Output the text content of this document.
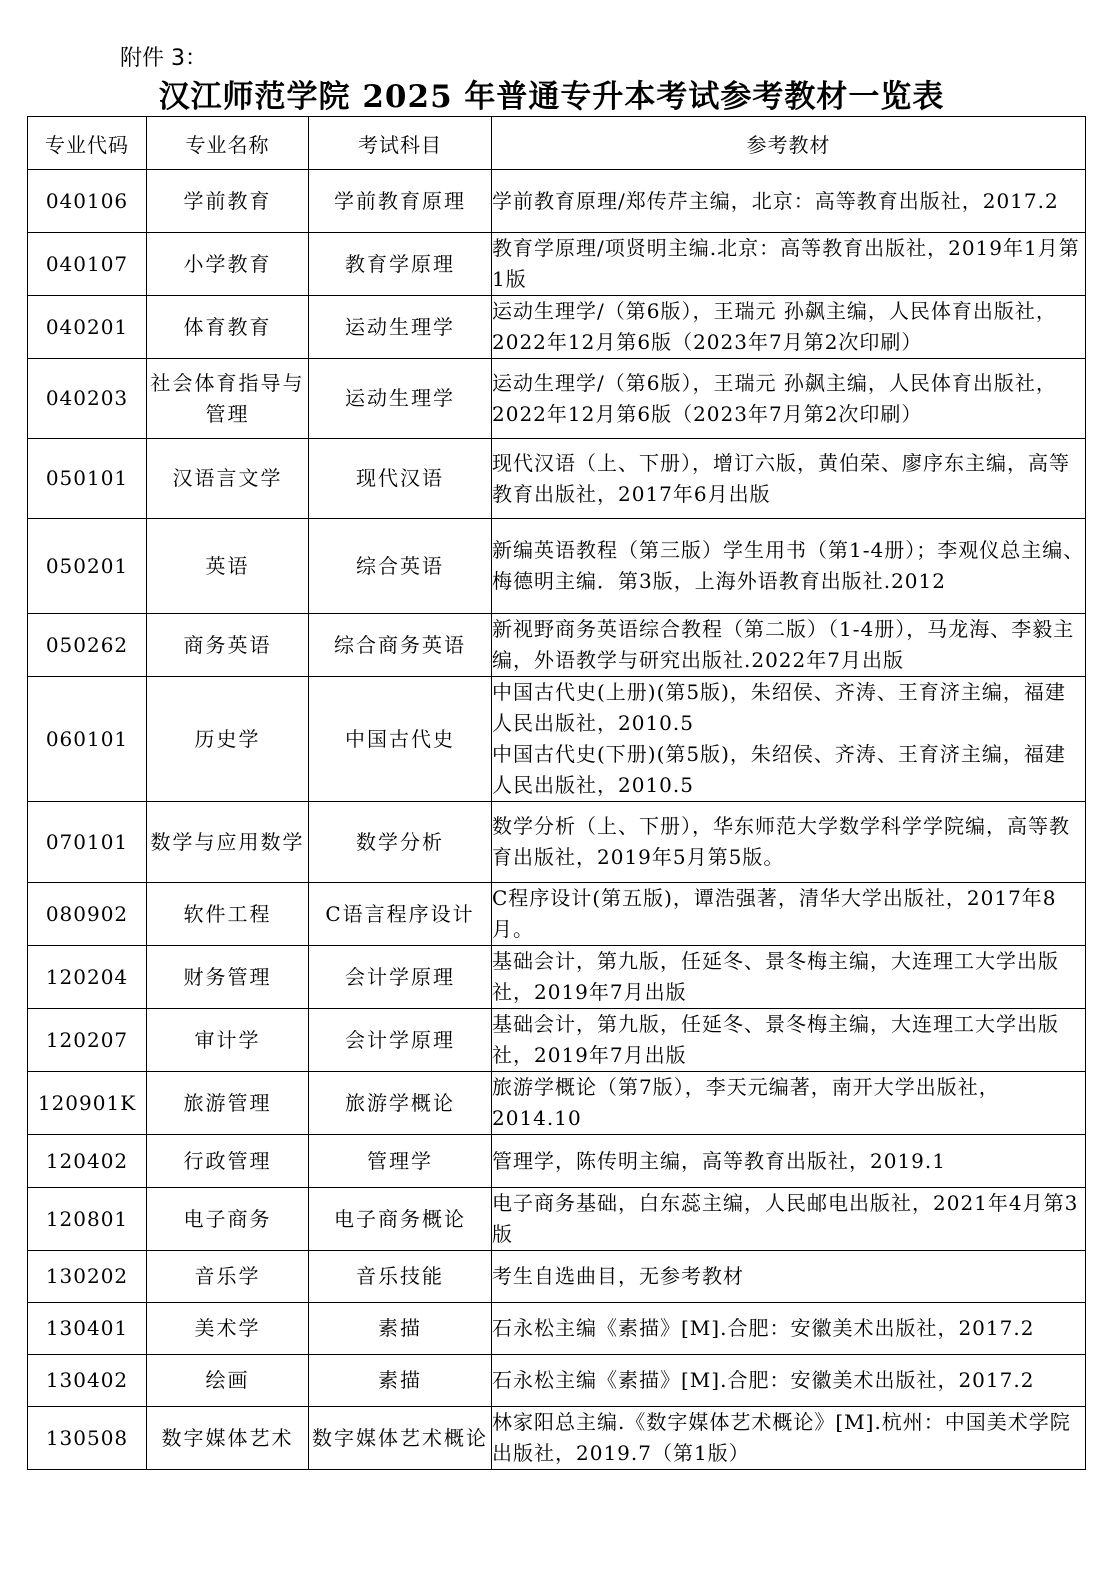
附件 3：
汉江师范学院 2025 年普通专升本考试参考教材一览表
专业代码	专业名称	考试科目	参考教材
040106	学前教育	学前教育原理	学前教育原理/郑传芹主编，北京：高等教育出版社，2017.2

040107	小学教育	教育学原理	教育学原理/项贤明主编.北京：高等教育出版社，2019年1月第1版

040201	体育教育	运动生理学	运动生理学/（第6版），王瑞元 孙飙主编，人民体育出版社，2022年12月第6版（2023年7月第2次印刷）

040203	社会体育指导与管理	运动生理学	运动生理学/（第6版），王瑞元 孙飙主编，人民体育出版社，2022年12月第6版（2023年7月第2次印刷）

050101	汉语言文学	现代汉语	现代汉语（上、下册），增订六版，黄伯荣、廖序东主编，高等教育出版社，2017年6月出版

050201	英语	综合英语	新编英语教程（第三版）学生用书（第1-4册）；李观仪总主编、梅德明主编．第3版，上海外语教育出版社.2012

050262	商务英语	综合商务英语	新视野商务英语综合教程（第二版）（1-4册），马龙海、李毅主编，外语教学与研究出版社.2022年7月出版

060101	历史学	中国古代史	中国古代史(上册)(第5版)，朱绍侯、齐涛、王育济主编，福建人民出版社，2010.5
中国古代史(下册)(第5版)，朱绍侯、齐涛、王育济主编，福建人民出版社，2010.5

070101	数学与应用数学	数学分析	数学分析（上、下册），华东师范大学数学科学学院编，高等教育出版社，2019年5月第5版。

080902	软件工程	C语言程序设计	C程序设计(第五版)，谭浩强著，清华大学出版社，2017年8月。

120204	财务管理	会计学原理	基础会计，第九版，任延冬、景冬梅主编，大连理工大学出版社，2019年7月出版

120207	审计学	会计学原理	基础会计，第九版，任延冬、景冬梅主编，大连理工大学出版社，2019年7月出版

120901K	旅游管理	旅游学概论	旅游学概论（第7版），李天元编著，南开大学出版社，2014.10

120402	行政管理	管理学	管理学，陈传明主编，高等教育出版社，2019.1

120801	电子商务	电子商务概论	电子商务基础，白东蕊主编，人民邮电出版社，2021年4月第3版

130202	音乐学	音乐技能	考生自选曲目，无参考教材

130401	美术学	素描	石永松主编《素描》[M].合肥：安徽美术出版社，2017.2

130402	绘画	素描	石永松主编《素描》[M].合肥：安徽美术出版社，2017.2

130508	数字媒体艺术	数字媒体艺术概论	林家阳总主编.《数字媒体艺术概论》[M].杭州：中国美术学院出版社，2019.7（第1版）
